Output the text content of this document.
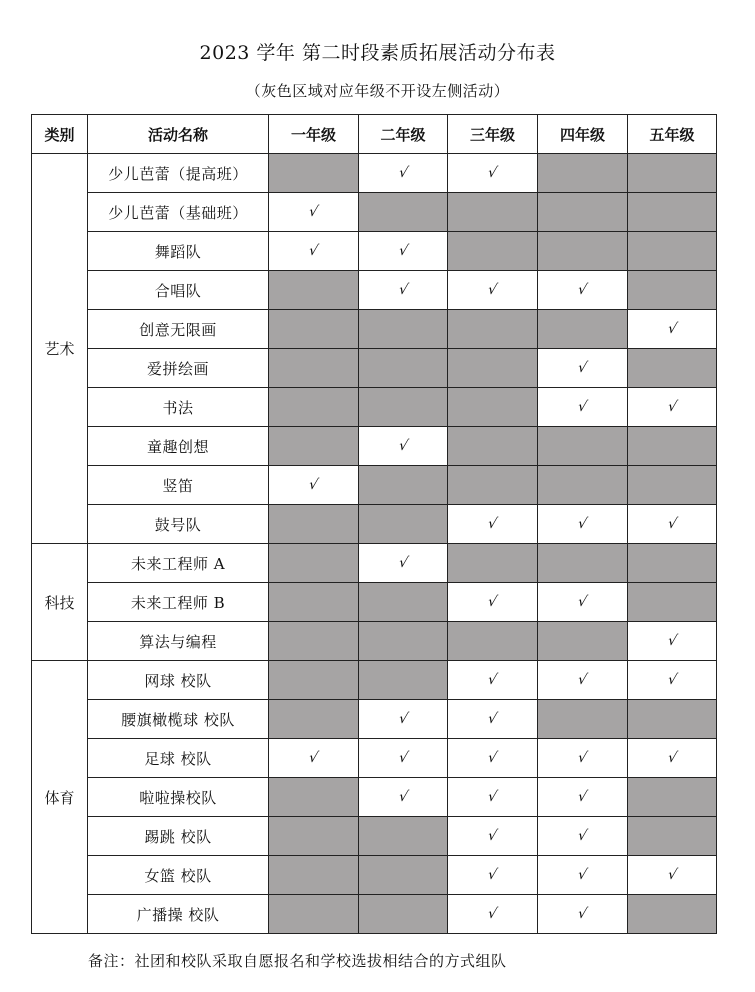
2023 学年 第二时段素质拓展活动分布表
（灰色区域对应年级不开设左侧活动）
类别	活动名称	一年级	二年级	三年级	四年级	五年级
艺术	少儿芭蕾（提高班）		√	√		
	少儿芭蕾（基础班）	√				
	舞蹈队	√	√			
	合唱队		√	√	√	
	创意无限画					√
	爱拼绘画				√	
	书法				√	√
	童趣创想		√			
	竖笛	√				
	鼓号队			√	√	√
科技	未来工程师 A		√			
	未来工程师 B			√	√	
	算法与编程					√
体育	网球 校队			√	√	√
	腰旗橄榄球 校队		√	√		
	足球 校队	√	√	√	√	√
	啦啦操校队		√	√	√	
	踢跳 校队			√	√	
	女篮 校队			√	√	√
	广播操 校队			√	√	
备注：社团和校队采取自愿报名和学校选拔相结合的方式组队
